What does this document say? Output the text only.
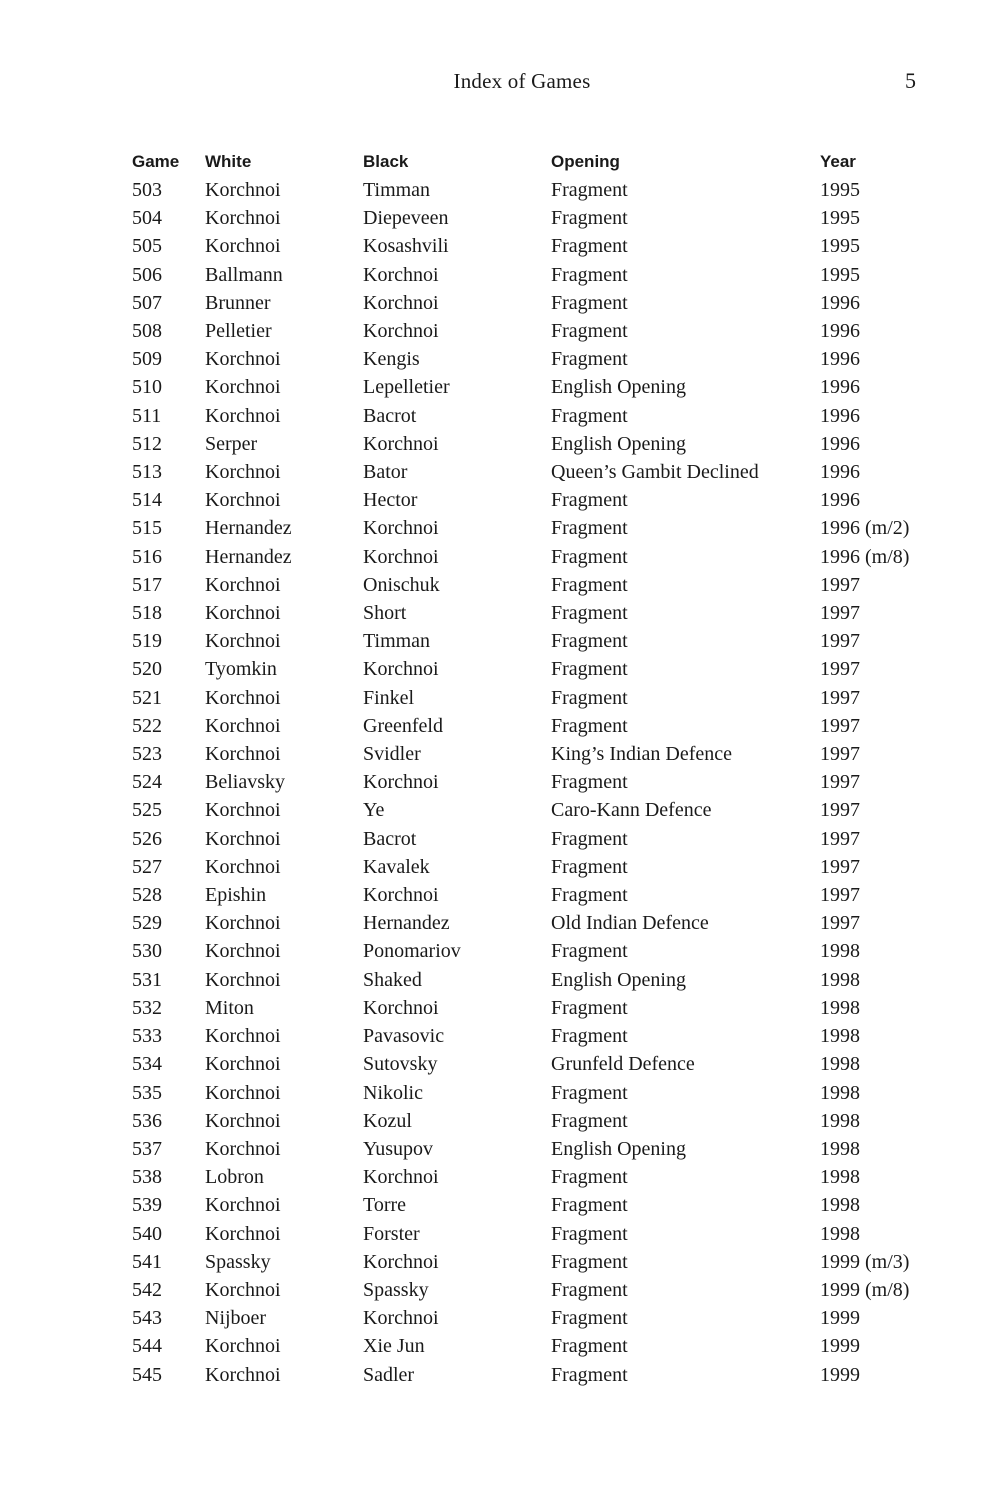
Index of Games	5
Game	White	Black	Opening	Year
503	Korchnoi	Timman	Fragment	1995
504	Korchnoi	Diepeveen	Fragment	1995
505	Korchnoi	Kosashvili	Fragment	1995
506	Ballmann	Korchnoi	Fragment	1995
507	Brunner	Korchnoi	Fragment	1996
508	Pelletier	Korchnoi	Fragment	1996
509	Korchnoi	Kengis	Fragment	1996
510	Korchnoi	Lepelletier	English Opening	1996
511	Korchnoi	Bacrot	Fragment	1996
512	Serper	Korchnoi	English Opening	1996
513	Korchnoi	Bator	Queen’s Gambit Declined	1996
514	Korchnoi	Hector	Fragment	1996
515	Hernandez	Korchnoi	Fragment	1996 (m/2)
516	Hernandez	Korchnoi	Fragment	1996 (m/8)
517	Korchnoi	Onischuk	Fragment	1997
518	Korchnoi	Short	Fragment	1997
519	Korchnoi	Timman	Fragment	1997
520	Tyomkin	Korchnoi	Fragment	1997
521	Korchnoi	Finkel	Fragment	1997
522	Korchnoi	Greenfeld	Fragment	1997
523	Korchnoi	Svidler	King’s Indian Defence	1997
524	Beliavsky	Korchnoi	Fragment	1997
525	Korchnoi	Ye	Caro-Kann Defence	1997
526	Korchnoi	Bacrot	Fragment	1997
527	Korchnoi	Kavalek	Fragment	1997
528	Epishin	Korchnoi	Fragment	1997
529	Korchnoi	Hernandez	Old Indian Defence	1997
530	Korchnoi	Ponomariov	Fragment	1998
531	Korchnoi	Shaked	English Opening	1998
532	Miton	Korchnoi	Fragment	1998
533	Korchnoi	Pavasovic	Fragment	1998
534	Korchnoi	Sutovsky	Grunfeld Defence	1998
535	Korchnoi	Nikolic	Fragment	1998
536	Korchnoi	Kozul	Fragment	1998
537	Korchnoi	Yusupov	English Opening	1998
538	Lobron	Korchnoi	Fragment	1998
539	Korchnoi	Torre	Fragment	1998
540	Korchnoi	Forster	Fragment	1998
541	Spassky	Korchnoi	Fragment	1999 (m/3)
542	Korchnoi	Spassky	Fragment	1999 (m/8)
543	Nijboer	Korchnoi	Fragment	1999
544	Korchnoi	Xie Jun	Fragment	1999
545	Korchnoi	Sadler	Fragment	1999
